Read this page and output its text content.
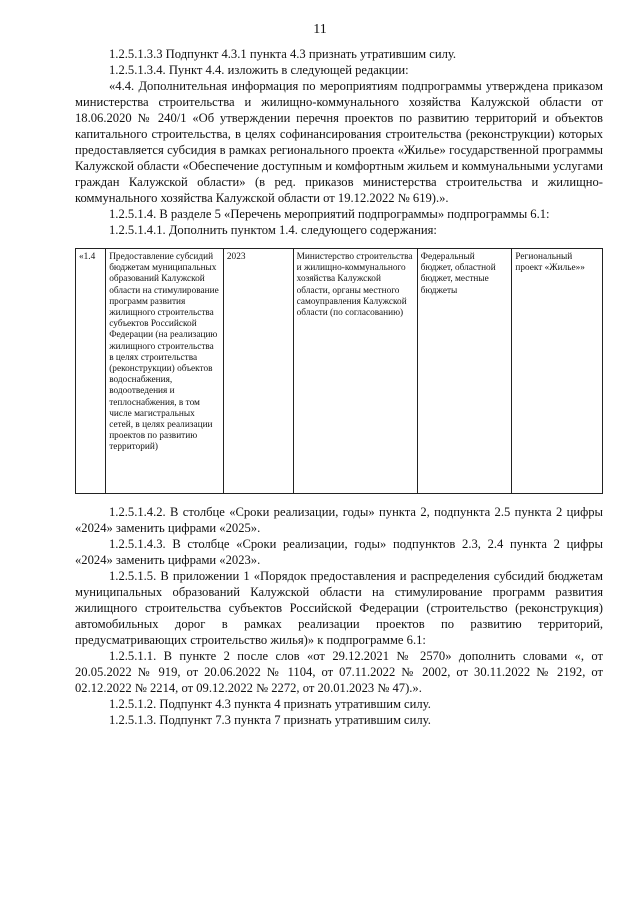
11

1.2.5.1.3.3 Подпункт 4.3.1 пункта 4.3 признать утратившим силу.

1.2.5.1.3.4. Пункт 4.4. изложить в следующей редакции:

«4.4. Дополнительная информация по мероприятиям подпрограммы утверждена приказом министерства строительства и жилищно-коммунального хозяйства Калужской области от 18.06.2020 № 240/1 «Об утверждении перечня проектов по развитию территорий и объектов капитального строительства, в целях софинансирования строительства (реконструкции) которых предоставляется субсидия в рамках регионального проекта «Жилье» государственной программы Калужской области «Обеспечение доступным и комфортным жильем и коммунальными услугами граждан Калужской области» (в ред. приказов министерства строительства и жилищно-коммунального хозяйства Калужской области от 19.12.2022 № 619).».

1.2.5.1.4. В разделе 5 «Перечень мероприятий подпрограммы» подпрограммы 6.1:

1.2.5.1.4.1. Дополнить пунктом 1.4. следующего содержания:

«1.4	Предоставление субсидий бюджетам муниципальных образований Калужской области на стимулирование программ развития жилищного строительства субъектов Российской Федерации (на реализацию жилищного строительства в целях строительства (реконструкции) объектов водоснабжения, водоотведения и теплоснабжения, в том числе магистральных сетей, в целях реализации проектов по развитию территорий)	2023	Министерство строительства и жилищно-коммунального хозяйства Калужской области, органы местного самоуправления Калужской области (по согласованию)	Федеральный бюджет, областной бюджет, местные бюджеты	Региональный проект «Жилье»»

1.2.5.1.4.2. В столбце «Сроки реализации, годы» пункта 2, подпункта 2.5 пункта 2 цифры «2024» заменить цифрами «2025».

1.2.5.1.4.3. В столбце «Сроки реализации, годы» подпунктов 2.3, 2.4 пункта 2 цифры «2024» заменить цифрами «2023».

1.2.5.1.5. В приложении 1 «Порядок предоставления и распределения субсидий бюджетам муниципальных образований Калужской области на стимулирование программ развития жилищного строительства субъектов Российской Федерации (строительство (реконструкция) автомобильных дорог в рамках реализации проектов по развитию территорий, предусматривающих строительство жилья)» к подпрограмме 6.1:

1.2.5.1.1. В пункте 2 после слов «от 29.12.2021 № 2570» дополнить словами «, от 20.05.2022 № 919, от 20.06.2022 № 1104, от 07.11.2022 № 2002, от 30.11.2022 № 2192, от 02.12.2022 № 2214, от 09.12.2022 № 2272, от 20.01.2023 № 47).».

1.2.5.1.2. Подпункт 4.3 пункта 4 признать утратившим силу.

1.2.5.1.3. Подпункт 7.3 пункта 7 признать утратившим силу.
